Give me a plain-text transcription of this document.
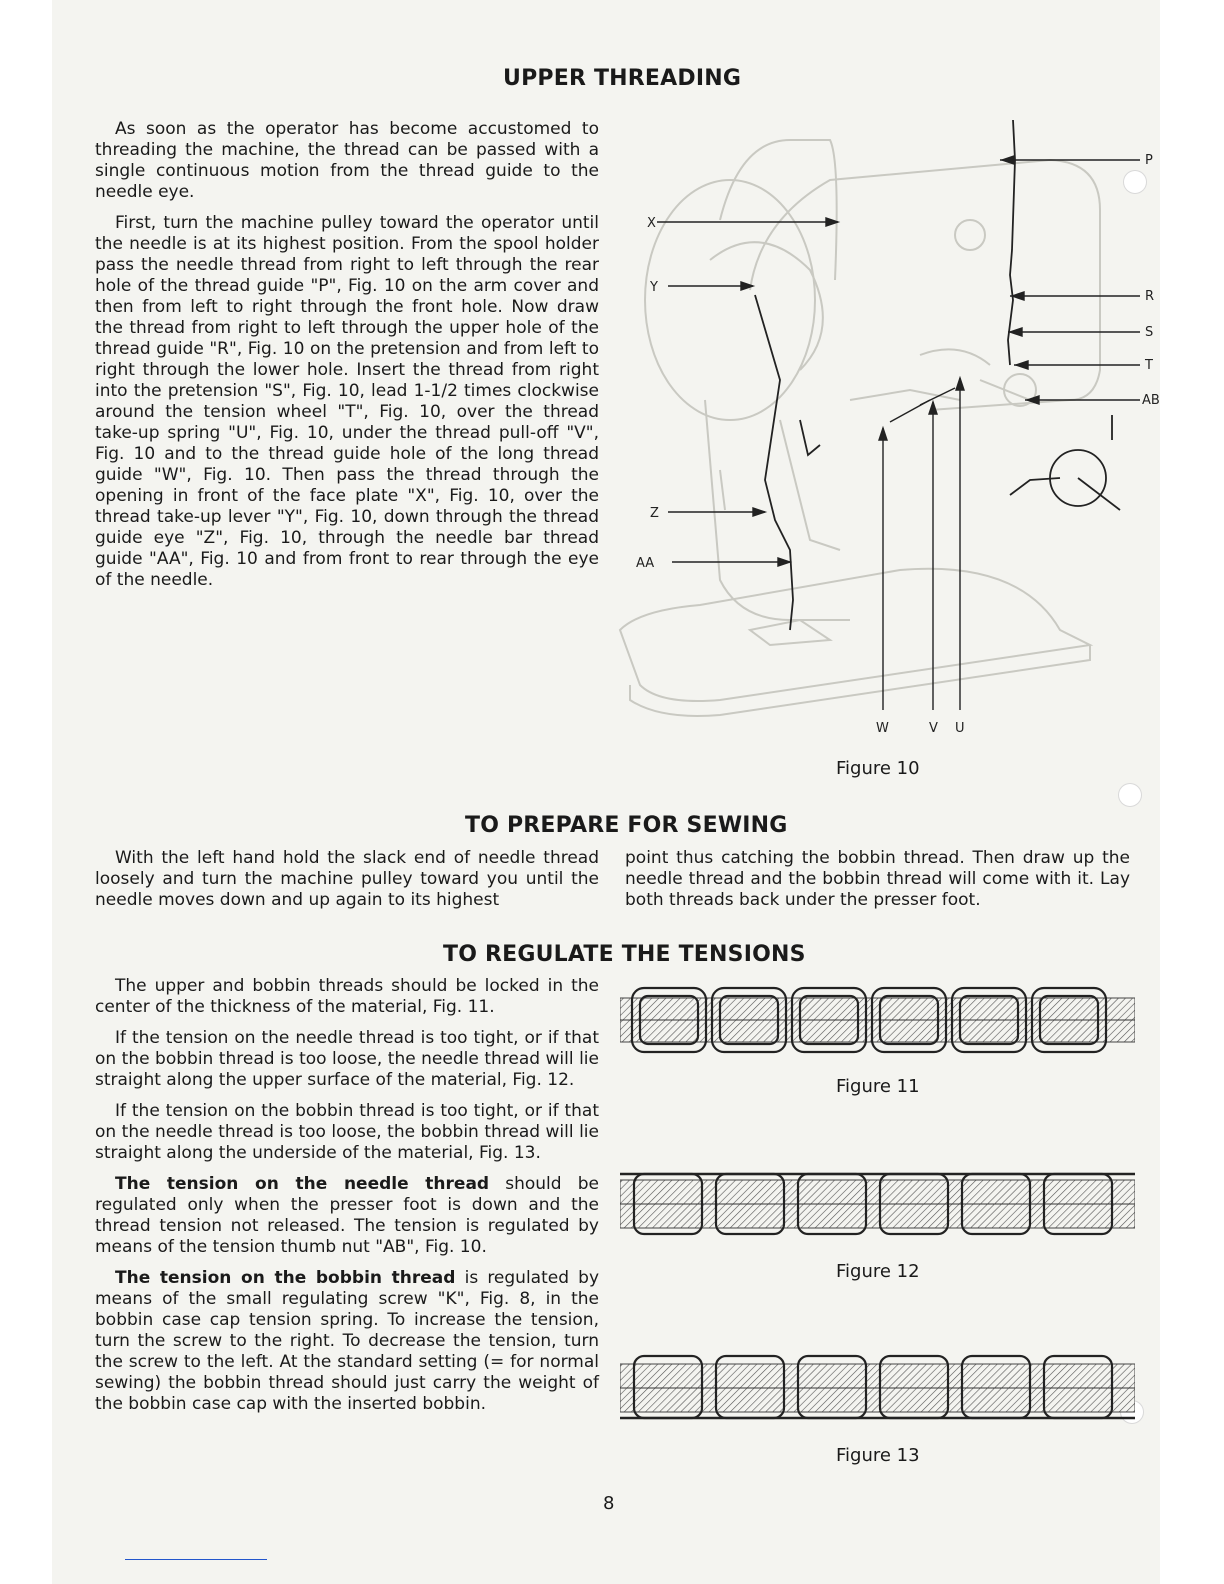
UPPER THREADING

As soon as the operator has become accustomed to threading the machine, the thread can be passed with a single continuous motion from the thread guide to the needle eye.

First, turn the machine pulley toward the operator until the needle is at its highest position. From the spool holder pass the needle thread from right to left through the rear hole of the thread guide "P", Fig. 10 on the arm cover and then from left to right through the front hole. Now draw the thread from right to left through the upper hole of the thread guide "R", Fig. 10 on the pretension and from left to right through the lower hole. Insert the thread from right into the pretension "S", Fig. 10, lead 1-1/2 times clockwise around the tension wheel "T", Fig. 10, over the thread take-up spring "U", Fig. 10, under the thread pull-off "V", Fig. 10 and to the thread guide hole of the long thread guide "W", Fig. 10. Then pass the thread through the opening in front of the face plate "X", Fig. 10, over the thread take-up lever "Y", Fig. 10, down through the thread guide eye "Z", Fig. 10, through the needle bar thread guide "AA", Fig. 10 and from front to rear through the eye of the needle.

P
R
S
T
AB
X
Y
Z
AA
W	V U
Figure 10
TO PREPARE FOR SEWING

With the left hand hold the slack end of needle thread loosely and turn the machine pulley toward you until the needle moves down and up again to its highest

point thus catching the bobbin thread. Then draw up the needle thread and the bobbin thread will come with it. Lay both threads back under the presser foot.

TO REGULATE THE TENSIONS

The upper and bobbin threads should be locked in the center of the thickness of the material, Fig. 11.

If the tension on the needle thread is too tight, or if that on the bobbin thread is too loose, the needle thread will lie straight along the upper surface of the material, Fig. 12.

If the tension on the bobbin thread is too tight, or if that on the needle thread is too loose, the bobbin thread will lie straight along the underside of the material, Fig. 13.

The tension on the needle thread should be regulated only when the presser foot is down and the thread tension not released. The tension is regulated by means of the tension thumb nut "AB", Fig. 10.

The tension on the bobbin thread is regulated by means of the small regulating screw "K", Fig. 8, in the bobbin case cap tension spring. To increase the tension, turn the screw to the right. To decrease the tension, turn the screw to the left. At the standard setting (= for normal sewing) the bobbin thread should just carry the weight of the bobbin case cap with the inserted bobbin.

Figure 11
Figure 12
Figure 13
8
